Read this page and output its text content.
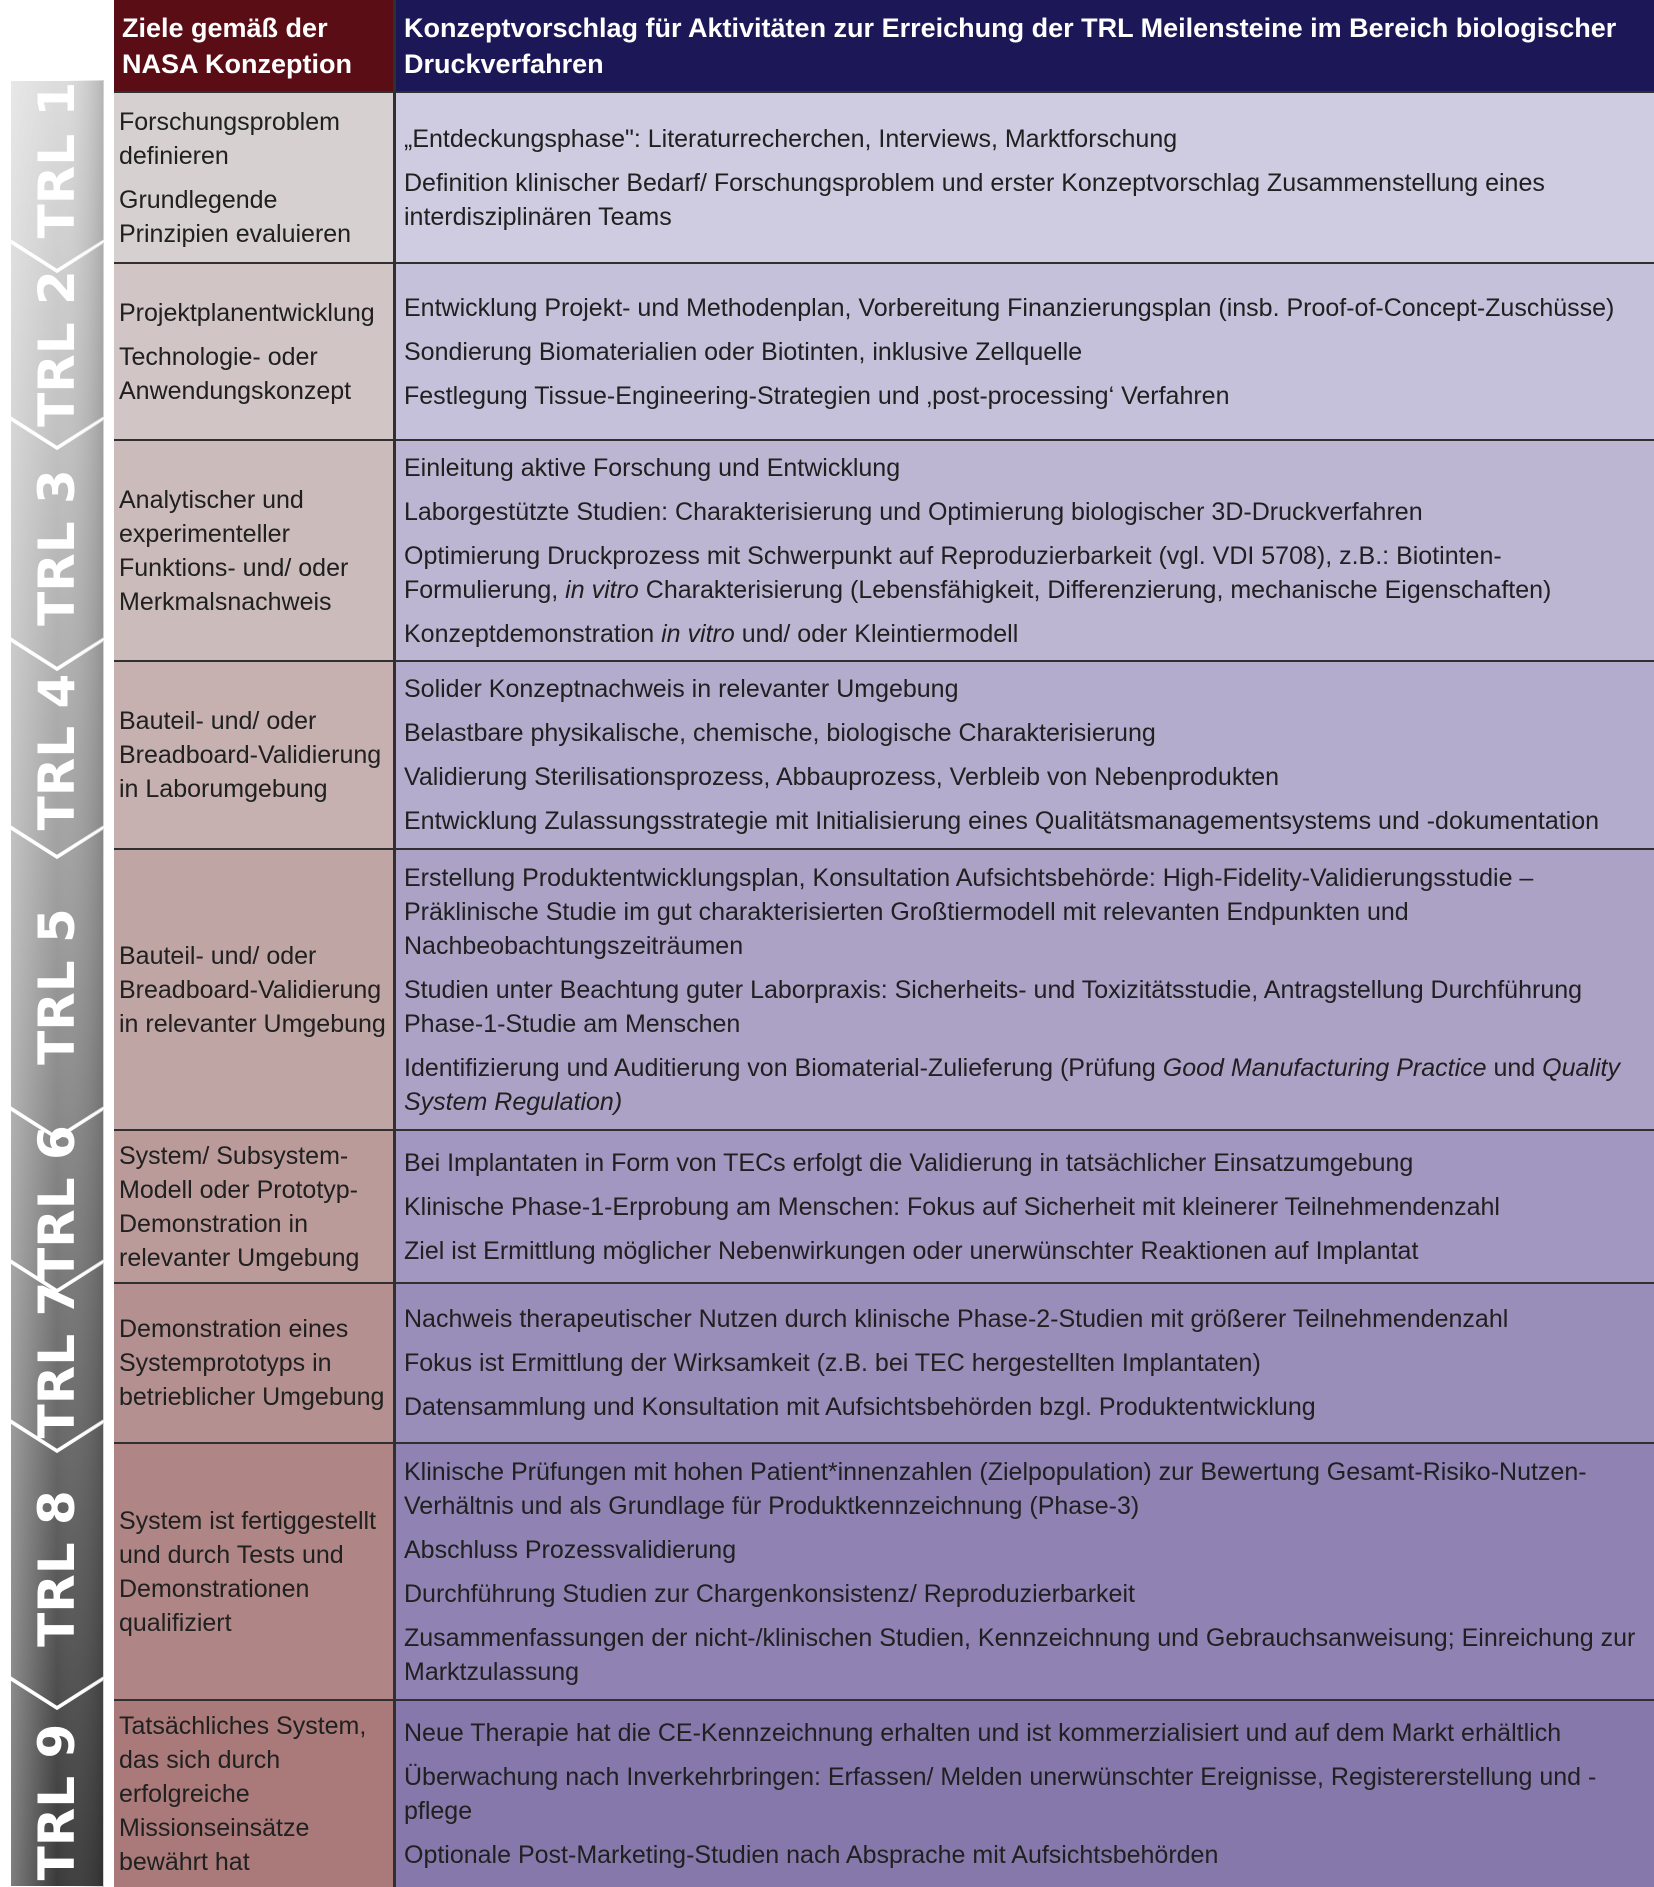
TRL 1
TRL 2
TRL 3
TRL 4
TRL 5
TRL 6
TRL 7
TRL 8
TRL 9
Ziele gemäß der NASA Konzeption
Konzeptvorschlag für Aktivitäten zur Erreichung der TRL Meilensteine im Bereich biologischer Druckverfahren

Forschungsproblem definieren

Grundlegende Prinzipien evaluieren

„Entdeckungsphase": Literaturrecherchen, Interviews, Marktforschung

Definition klinischer Bedarf/ Forschungsproblem und erster Konzeptvorschlag Zusammenstellung eines interdisziplinären Teams

Projektplanentwicklung

Technologie- oder Anwendungskonzept

Entwicklung Projekt- und Methodenplan, Vorbereitung Finanzierungsplan (insb. Proof-of-Concept-Zuschüsse)

Sondierung Biomaterialien oder Biotinten, inklusive Zellquelle

Festlegung Tissue-Engineering-Strategien und ‚post-processing‘ Verfahren

Analytischer und experimenteller Funktions- und/ oder Merkmalsnachweis

Einleitung aktive Forschung und Entwicklung

Laborgestützte Studien: Charakterisierung und Optimierung biologischer 3D-Druckverfahren

Optimierung Druckprozess mit Schwerpunkt auf Reproduzierbarkeit (vgl. VDI 5708), z.B.: Biotinten-Formulierung, in vitro Charakterisierung (Lebensfähigkeit, Differenzierung, mechanische Eigenschaften)

Konzeptdemonstration in vitro und/ oder Kleintiermodell

Bauteil- und/ oder Breadboard-Validierung in Laborumgebung

Solider Konzeptnachweis in relevanter Umgebung

Belastbare physikalische, chemische, biologische Charakterisierung

Validierung Sterilisationsprozess, Abbauprozess, Verbleib von Nebenprodukten

Entwicklung Zulassungsstrategie mit Initialisierung eines Qualitätsmanagementsystems und -dokumentation

Bauteil- und/ oder Breadboard-Validierung in relevanter Umgebung

Erstellung Produktentwicklungsplan, Konsultation Aufsichtsbehörde: High-Fidelity-Validierungsstudie – Präklinische Studie im gut charakterisierten Großtiermodell mit relevanten Endpunkten und Nachbeobachtungszeiträumen

Studien unter Beachtung guter Laborpraxis: Sicherheits- und Toxizitätsstudie, Antragstellung Durchführung Phase-1-Studie am Menschen

Identifizierung und Auditierung von Biomaterial-Zulieferung (Prüfung Good Manufacturing Practice und Quality System Regulation)

System/ Subsystem-Modell oder Prototyp-Demonstration in relevanter Umgebung

Bei Implantaten in Form von TECs erfolgt die Validierung in tatsächlicher Einsatzumgebung

Klinische Phase-1-Erprobung am Menschen: Fokus auf Sicherheit mit kleinerer Teilnehmendenzahl

Ziel ist Ermittlung möglicher Nebenwirkungen oder unerwünschter Reaktionen auf Implantat

Demonstration eines Systemprototyps in betrieblicher Umgebung

Nachweis therapeutischer Nutzen durch klinische Phase-2-Studien mit größerer Teilnehmendenzahl

Fokus ist Ermittlung der Wirksamkeit (z.B. bei TEC hergestellten Implantaten)

Datensammlung und Konsultation mit Aufsichtsbehörden bzgl. Produktentwicklung

System ist fertiggestellt und durch Tests und Demonstrationen qualifiziert

Klinische Prüfungen mit hohen Patient*innenzahlen (Zielpopulation) zur Bewertung Gesamt-Risiko-Nutzen-Verhältnis und als Grundlage für Produktkennzeichnung (Phase-3)

Abschluss Prozessvalidierung

Durchführung Studien zur Chargenkonsistenz/ Reproduzierbarkeit

Zusammenfassungen der nicht-/klinischen Studien, Kennzeichnung und Gebrauchsanweisung; Einreichung zur Marktzulassung

Tatsächliches System, das sich durch erfolgreiche Missionseinsätze bewährt hat

Neue Therapie hat die CE-Kennzeichnung erhalten und ist kommerzialisiert und auf dem Markt erhältlich

Überwachung nach Inverkehrbringen: Erfassen/ Melden unerwünschter Ereignisse, Registererstellung und -pflege

Optionale Post-Marketing-Studien nach Absprache mit Aufsichtsbehörden
